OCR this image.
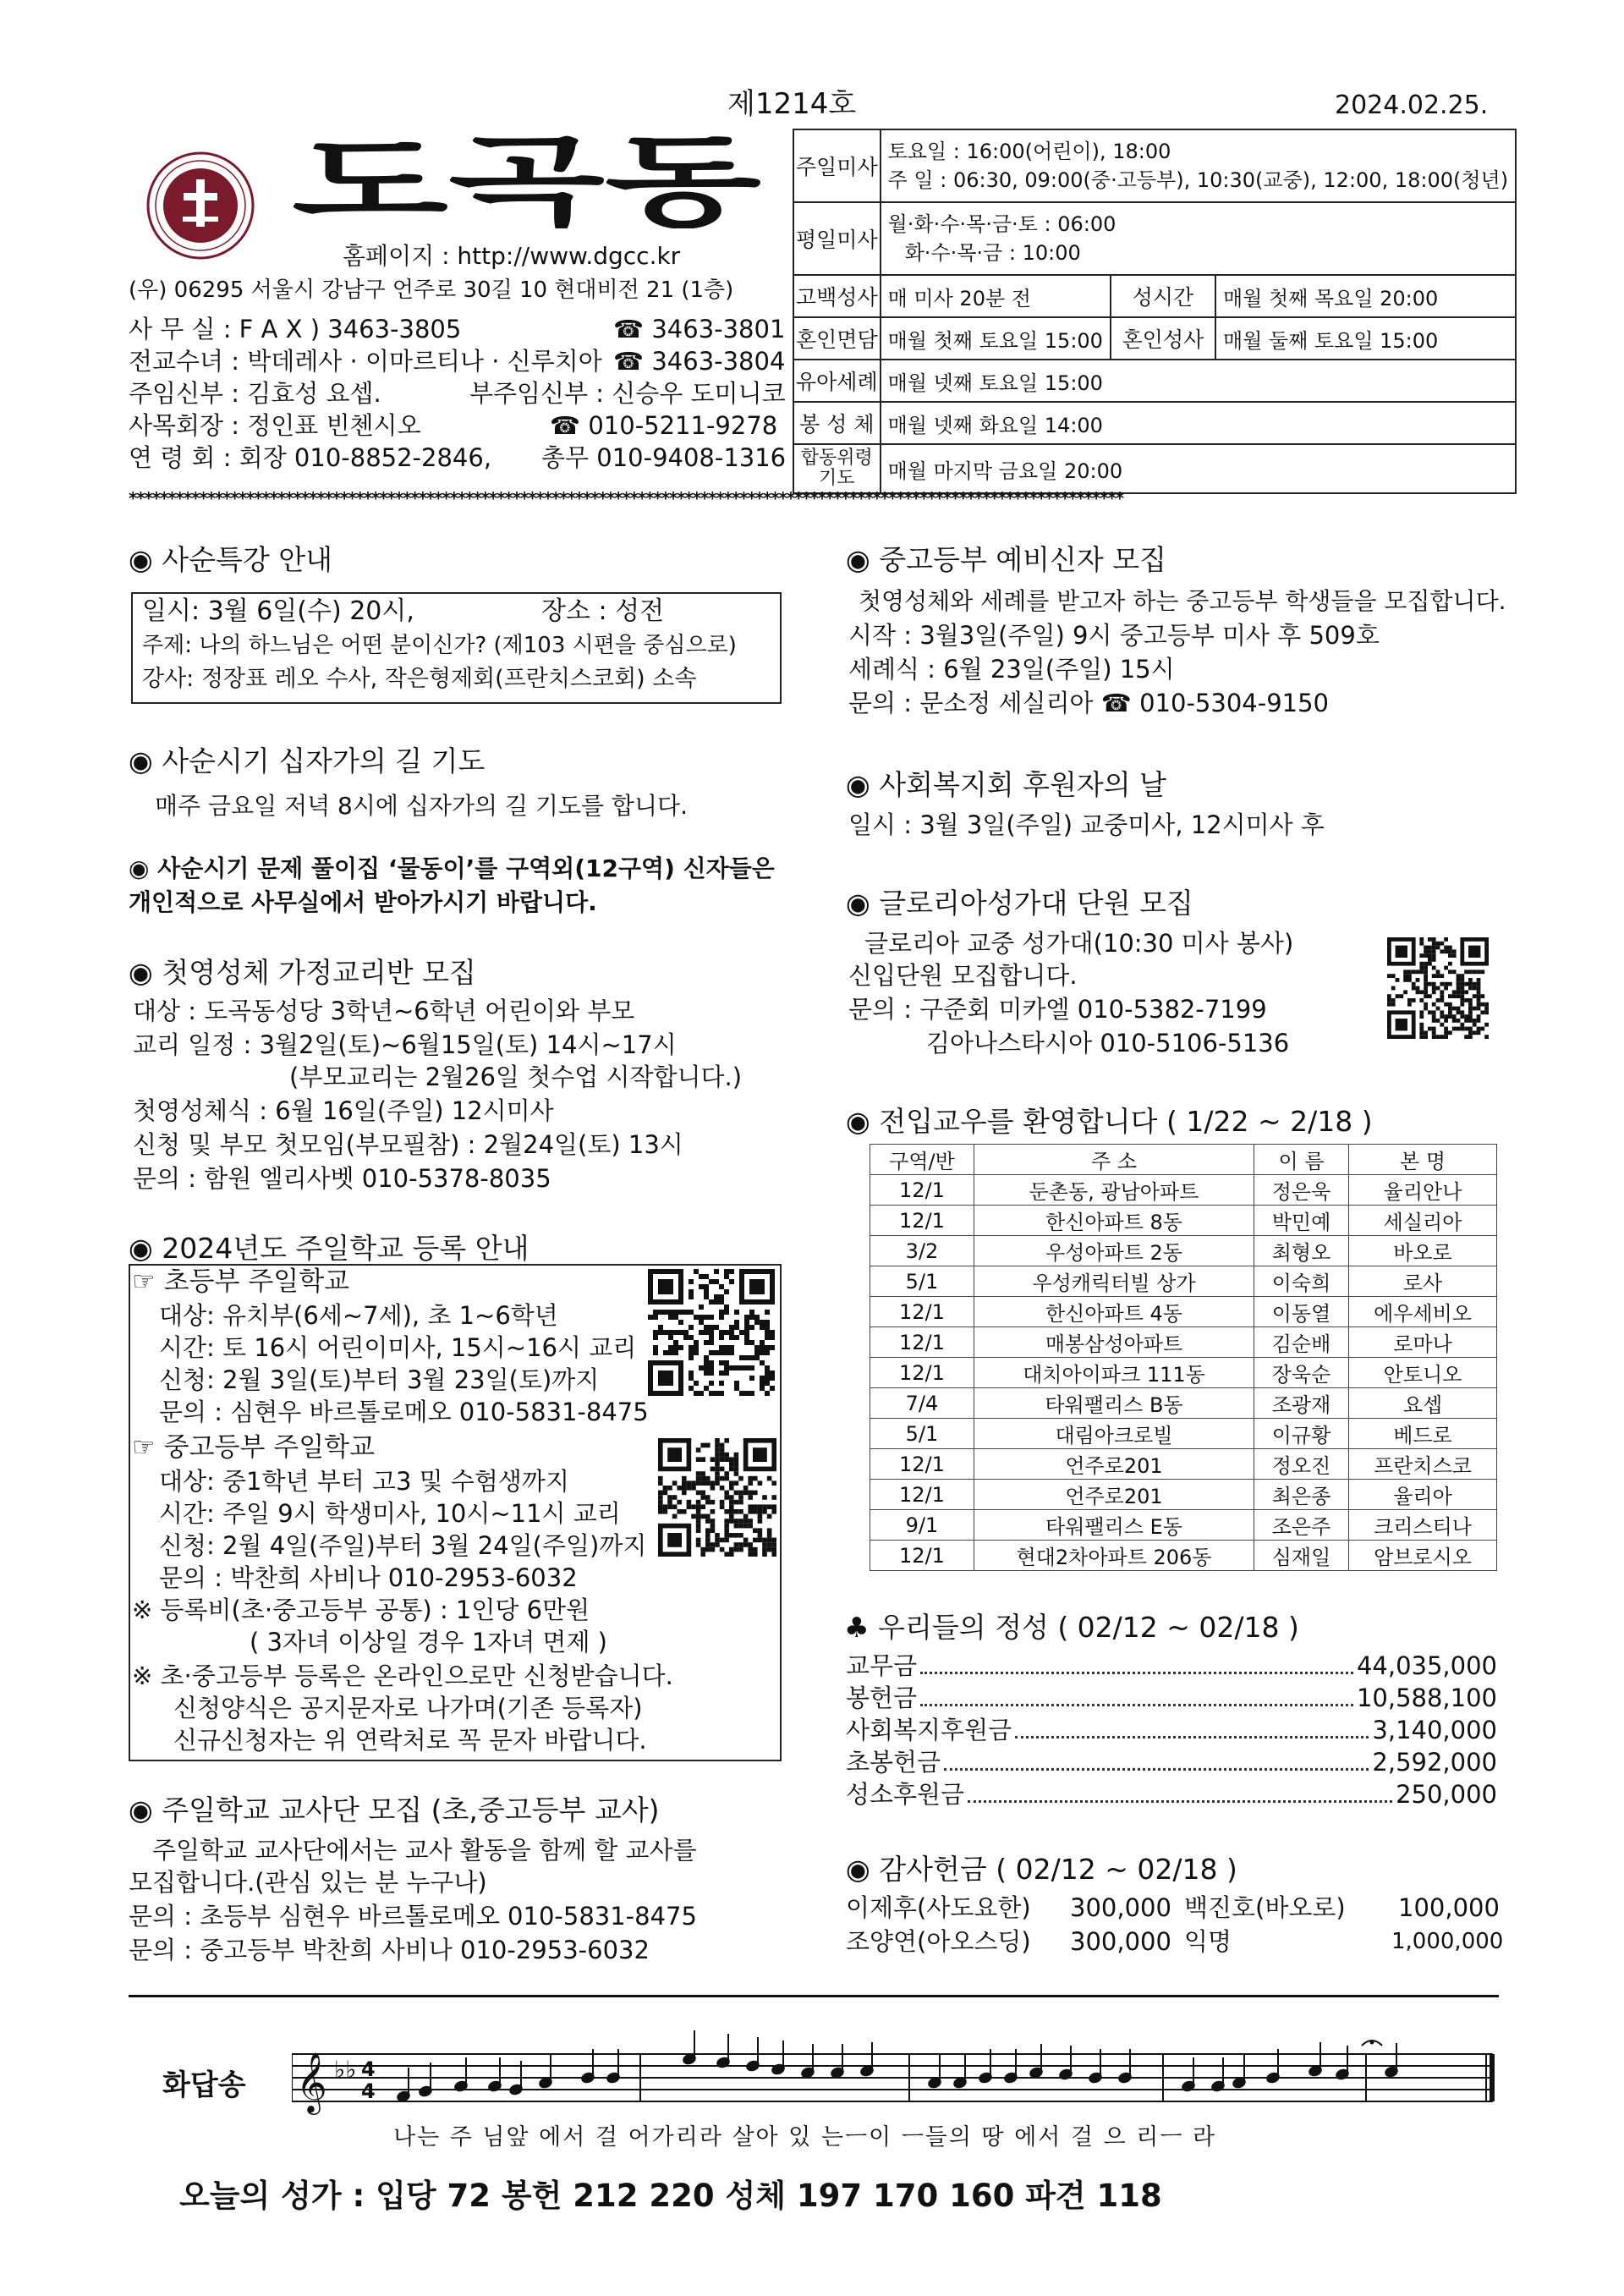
제1214호	2024.02.25.
도곡동
홈페이지 : http://www.dgcc.kr
(우) 06295 서울시 강남구 언주로 30길 10 현대비전 21 (1층)
사 무 실 : F A X ) 3463-3805	☎ 3463-3801
전교수녀 : 박데레사 · 이마르티나 · 신루치아 ☎ 3463-3804
주임신부 : 김효성 요셉.	부주임신부 : 신승우 도미니코
사목회장 : 정인표 빈첸시오	☎ 010-5211-9278
연 령 회 : 회장 010-8852-2846, 총무 010-9408-1316
주일미사	토요일 : 16:00(어린이), 18:00
주 일 : 06:30, 09:00(중·고등부), 10:30(교중), 12:00, 18:00(청년)		

평일미사	월·화·수·목·금·토 : 06:00
화·수·목·금 : 10:00		

고백성사	매 미사 20분 전	성시간	매월 첫째 목요일 20:00
혼인면담	매월 첫째 토요일 15:00	혼인성사	매월 둘째 토요일 15:00
유아세례	매월 넷째 토요일 15:00		
봉 성 체	매월 넷째 화요일 14:00		

합동위령
기도	매월 마지막 금요일 20:00		
*******************************************************************************************************************************
◉ 사순특강 안내
일시: 3월 6일(수) 20시,	장소 : 성전
주제: 나의 하느님은 어떤 분이신가? (제103 시편을 중심으로)
강사: 정장표 레오 수사, 작은형제회(프란치스코회) 소속
◉ 사순시기 십자가의 길 기도
매주 금요일 저녁 8시에 십자가의 길 기도를 합니다.
◉ 사순시기 문제 풀이집 ‘물동이’를 구역외(12구역) 신자들은
개인적으로 사무실에서 받아가시기 바랍니다.
◉ 첫영성체 가정교리반 모집
대상 : 도곡동성당 3학년~6학년 어린이와 부모
교리 일정 : 3월2일(토)~6월15일(토) 14시~17시
(부모교리는 2월26일 첫수업 시작합니다.)
첫영성체식 : 6월 16일(주일) 12시미사
신청 및 부모 첫모임(부모필참) : 2월24일(토) 13시
문의 : 함원 엘리사벳 010-5378-8035
◉ 2024년도 주일학교 등록 안내
☞ 초등부 주일학교
대상: 유치부(6세~7세), 초 1~6학년
시간: 토 16시 어린이미사, 15시~16시 교리
신청: 2월 3일(토)부터 3월 23일(토)까지
문의 : 심현우 바르톨로메오 010-5831-8475
☞ 중고등부 주일학교
대상: 중1학년 부터 고3 및 수험생까지
시간: 주일 9시 학생미사, 10시~11시 교리
신청: 2월 4일(주일)부터 3월 24일(주일)까지
문의 : 박찬희 사비나 010-2953-6032
※ 등록비(초·중고등부 공통) : 1인당 6만원
( 3자녀 이상일 경우 1자녀 면제 )
※ 초·중고등부 등록은 온라인으로만 신청받습니다.
신청양식은 공지문자로 나가며(기존 등록자)
신규신청자는 위 연락처로 꼭 문자 바랍니다.
◉ 주일학교 교사단 모집 (초,중고등부 교사)
주일학교 교사단에서는 교사 활동을 함께 할 교사를
모집합니다.(관심 있는 분 누구나)
문의 : 초등부 심현우 바르톨로메오 010-5831-8475
문의 : 중고등부 박찬희 사비나 010-2953-6032
◉ 중고등부 예비신자 모집
첫영성체와 세례를 받고자 하는 중고등부 학생들을 모집합니다.
시작 : 3월3일(주일) 9시 중고등부 미사 후 509호
세례식 : 6월 23일(주일) 15시
문의 : 문소정 세실리아 ☎ 010-5304-9150
◉ 사회복지회 후원자의 날
일시 : 3월 3일(주일) 교중미사, 12시미사 후
◉ 글로리아성가대 단원 모집
글로리아 교중 성가대(10:30 미사 봉사)
신입단원 모집합니다.
문의 : 구준회 미카엘 010-5382-7199
김아나스타시아 010-5106-5136
◉ 전입교우를 환영합니다 ( 1/22 ~ 2/18 )
구역/반	주 소	이 름	본 명
12/1	둔촌동, 광남아파트	정은욱	율리안나
12/1	한신아파트 8동	박민예	세실리아
3/2	우성아파트 2동	최형오	바오로
5/1	우성캐릭터빌 상가	이숙희	로사
12/1	한신아파트 4동	이동열	에우세비오
12/1	매봉삼성아파트	김순배	로마나
12/1	대치아이파크 111동	장욱순	안토니오
7/4	타워팰리스 B동	조광재	요셉
5/1	대림아크로빌	이규황	베드로
12/1	언주로201	정오진	프란치스코
12/1	언주로201	최은종	율리아
9/1	타워팰리스 E동	조은주	크리스티나
12/1	현대2차아파트 206동	심재일	암브로시오
♣ 우리들의 정성 ( 02/12 ~ 02/18 )
교무금	44,035,000
봉헌금	10,588,100
사회복지후원금	3,140,000
초봉헌금	2,592,000
성소후원금	250,000
◉ 감사헌금 ( 02/12 ~ 02/18 )
이제후(사도요한) 300,000 백진호(바오로) 100,000
조양연(아오스딩) 300,000 익명	1,000,000
화답송 𝄞 ♭♭ 4
4
나는 주 님앞 에서 걸 어가리라 살아 있 는ㅡ이 ㅡ들의 땅 에서 걸 으 리ㅡ 라
오늘의 성가 : 입당 72 봉헌 212 220 성체 197 170 160 파견 118
